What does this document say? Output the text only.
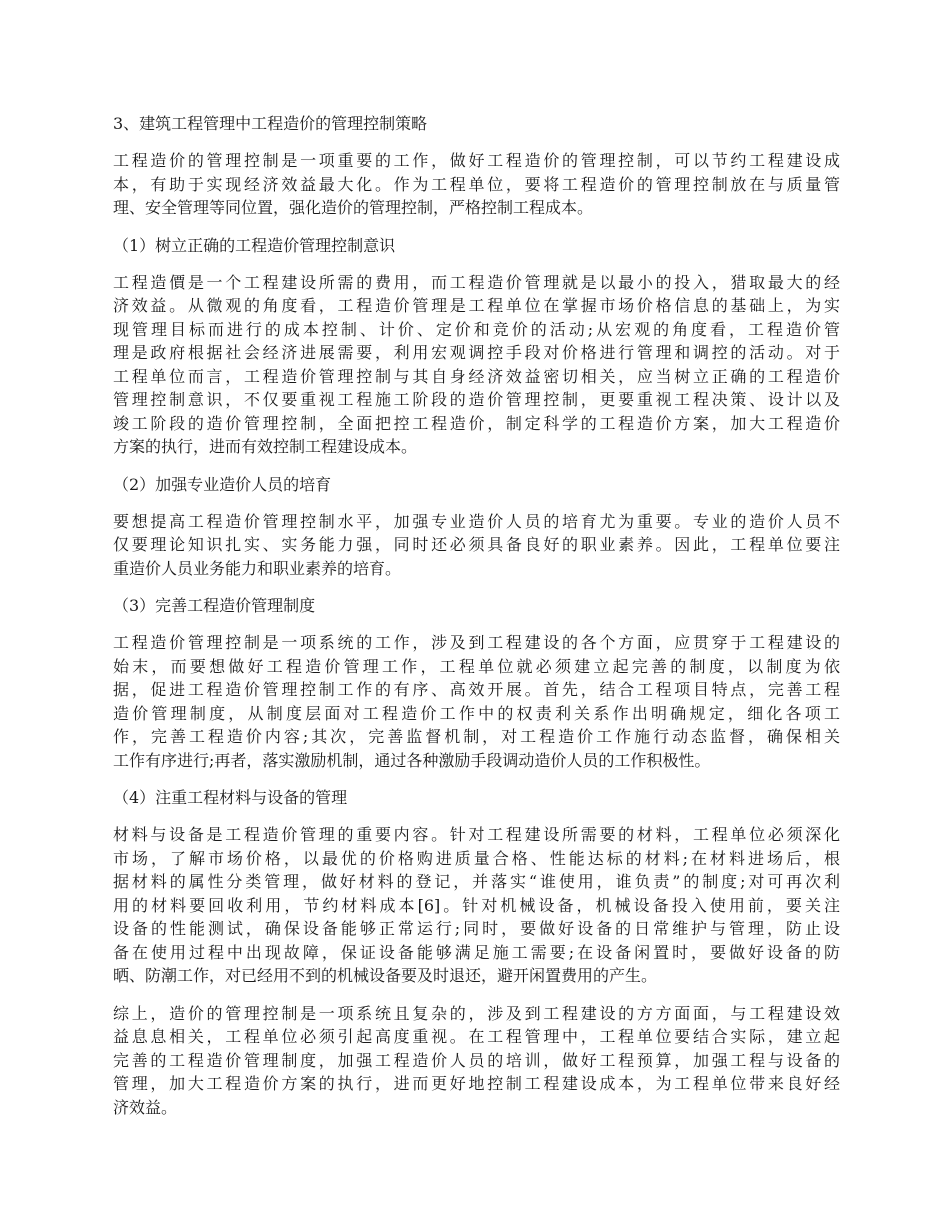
3、建筑工程管理中工程造价的管理控制策略
工程造价的管理控制是一项重要的工作，做好工程造价的管理控制，可以节约工程建设成
本，有助于实现经济效益最大化。作为工程单位，要将工程造价的管理控制放在与质量管
理、安全管理等同位置，强化造价的管理控制，严格控制工程成本。
（1）树立正确的工程造价管理控制意识
工程造價是一个工程建设所需的费用，而工程造价管理就是以最小的投入，猎取最大的经
济效益。从微观的角度看，工程造价管理是工程单位在掌握市场价格信息的基础上，为实
现管理目标而进行的成本控制、计价、定价和竞价的活动;从宏观的角度看，工程造价管
理是政府根据社会经济进展需要，利用宏观调控手段对价格进行管理和调控的活动。对于
工程单位而言，工程造价管理控制与其自身经济效益密切相关，应当树立正确的工程造价
管理控制意识，不仅要重视工程施工阶段的造价管理控制，更要重视工程决策、设计以及
竣工阶段的造价管理控制，全面把控工程造价，制定科学的工程造价方案，加大工程造价
方案的执行，进而有效控制工程建设成本。
（2）加强专业造价人员的培育
要想提高工程造价管理控制水平，加强专业造价人员的培育尤为重要。专业的造价人员不
仅要理论知识扎实、实务能力强，同时还必须具备良好的职业素养。因此，工程单位要注
重造价人员业务能力和职业素养的培育。
（3）完善工程造价管理制度
工程造价管理控制是一项系统的工作，涉及到工程建设的各个方面，应贯穿于工程建设的
始末，而要想做好工程造价管理工作，工程单位就必须建立起完善的制度，以制度为依
据，促进工程造价管理控制工作的有序、高效开展。首先，结合工程项目特点，完善工程
造价管理制度，从制度层面对工程造价工作中的权责利关系作出明确规定，细化各项工
作，完善工程造价内容;其次，完善监督机制，对工程造价工作施行动态监督，确保相关
工作有序进行;再者，落实激励机制，通过各种激励手段调动造价人员的工作积极性。
（4）注重工程材料与设备的管理
材料与设备是工程造价管理的重要内容。针对工程建设所需要的材料，工程单位必须深化
市场，了解市场价格，以最优的价格购进质量合格、性能达标的材料;在材料进场后，根
据材料的属性分类管理，做好材料的登记，并落实“谁使用，谁负责”的制度;对可再次利
用的材料要回收利用，节约材料成本[6]。针对机械设备，机械设备投入使用前，要关注
设备的性能测试，确保设备能够正常运行;同时，要做好设备的日常维护与管理，防止设
备在使用过程中出现故障，保证设备能够满足施工需要;在设备闲置时，要做好设备的防
晒、防潮工作，对已经用不到的机械设备要及时退还，避开闲置费用的产生。
综上，造价的管理控制是一项系统且复杂的，涉及到工程建设的方方面面，与工程建设效
益息息相关，工程单位必须引起高度重视。在工程管理中，工程单位要结合实际，建立起
完善的工程造价管理制度，加强工程造价人员的培训，做好工程预算，加强工程与设备的
管理，加大工程造价方案的执行，进而更好地控制工程建设成本，为工程单位带来良好经
济效益。
